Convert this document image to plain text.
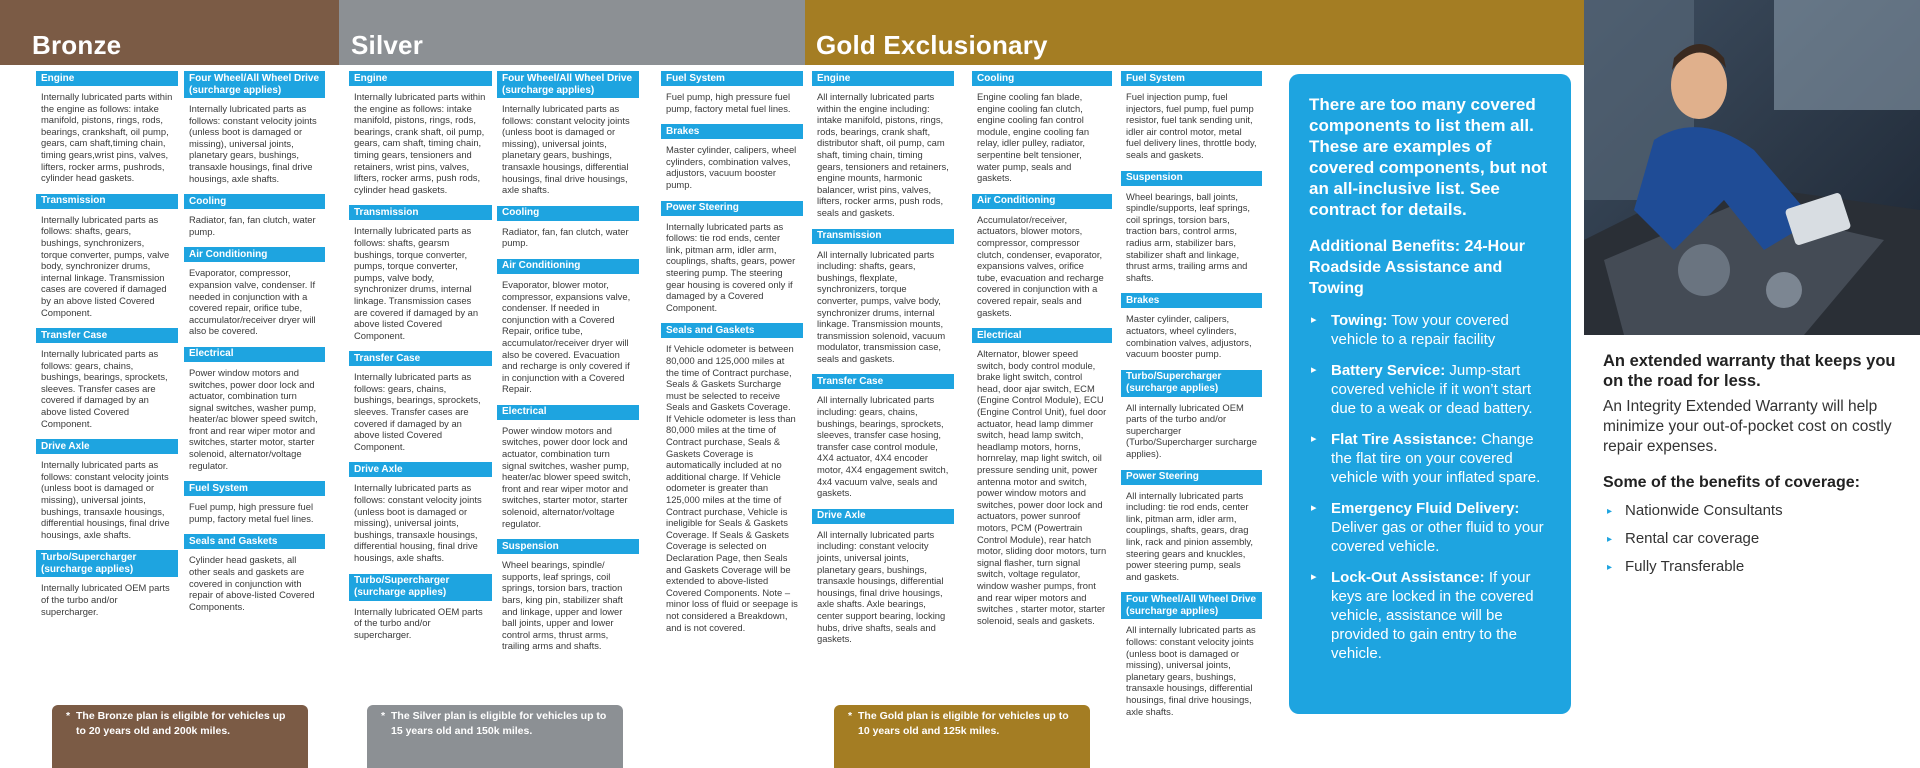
Bronze	Silver	Gold Exclusionary
Engine
Internally lubricated parts within the engine as follows: intake manifold, pistons, rings, rods, bearings, crankshaft, oil pump, gears, cam shaft,timing chain, timing gears,wrist pins, valves, lifters, rocker arms, pushrods, cylinder head gaskets.
Transmission
Internally lubricated parts as follows: shafts, gears, bushings, synchronizers, torque converter, pumps, valve body, synchronizer drums, internal linkage. Transmission cases are covered if damaged by an above listed Covered Component.
Transfer Case
Internally lubricated parts as follows: gears, chains, bushings, bearings, sprockets, sleeves. Transfer cases are covered if damaged by an above listed Covered Component.
Drive Axle
Internally lubricated parts as follows: constant velocity joints (unless boot is damaged or missing), universal joints, bushings, transaxle housings, differential housings, final drive housings, axle shafts.
Turbo/Supercharger (surcharge applies)
Internally lubricated OEM parts of the turbo and/or supercharger.
Four Wheel/All Wheel Drive (surcharge applies)
Internally lubricated parts as follows: constant velocity joints (unless boot is damaged or missing), universal joints, planetary gears, bushings, transaxle housings, final drive housings, axle shafts.
Cooling
Radiator, fan, fan clutch, water pump.
Air Conditioning
Evaporator, compressor, expansion valve, condenser. If needed in conjunction with a covered repair, orifice tube, accumulator/receiver dryer will also be covered.
Electrical
Power window motors and switches, power door lock and actuator, combination turn signal switches, washer pump, heater/ac blower speed switch, front and rear wiper motor and switches, starter motor, starter solenoid, alternator/voltage regulator.
Fuel System
Fuel pump, high pressure fuel pump, factory metal fuel lines.
Seals and Gaskets
Cylinder head gaskets, all other seals and gaskets are covered in conjunction with repair of above-listed Covered Components.
Engine
Internally lubricated parts within the engine as follows: intake manifold, pistons, rings, rods, bearings, crank shaft, oil pump, gears, cam shaft, timing chain, timing gears, tensioners and retainers, wrist pins, valves, lifters, rocker arms, push rods, cylinder head gaskets.
Transmission
Internally lubricated parts as follows: shafts, gearsm bushings, torque converter, pumps, torque converter, pumps, valve body, synchronizer drums, internal linkage. Transmission cases are covered if damaged by an above listed Covered Component.
Transfer Case
Internally lubricated parts as follows: gears, chains, bushings, bearings, sprockets, sleeves. Transfer cases are covered if damaged by an above listed Covered Component.
Drive Axle
Internally lubricated parts as follows: constant velocity joints (unless boot is damaged or missing), universal joints, bushings, transaxle housings, differential housing, final drive housings, axle shafts.
Turbo/Supercharger (surcharge applies)
Internally lubricated OEM parts of the turbo and/or supercharger.
Four Wheel/All Wheel Drive (surcharge applies)
Internally lubricated parts as follows: constant velocity joints (unless boot is damaged or missing), universal joints, planetary gears, bushings, transaxle housings, differential housings, final drive housings, axle shafts.
Cooling
Radiator, fan, fan clutch, water pump.
Air Conditioning
Evaporator, blower motor, compressor, expansions valve, condenser. If needed in conjunction with a Covered Repair, orifice tube, accumulator/receiver dryer will also be covered. Evacuation and recharge is only covered if in conjunction with a Covered Repair.
Electrical
Power window motors and switches, power door lock and actuator, combination turn signal switches, washer pump, heater/ac blower speed switch, front and rear wiper motor and switches, starter motor, starter solenoid, alternator/voltage regulator.
Suspension
Wheel bearings, spindle/ supports, leaf springs, coil springs, torsion bars, traction bars, king pin, stabilizer shaft and linkage, upper and lower ball joints, upper and lower control arms, thrust arms, trailing arms and shafts.
Fuel System
Fuel pump, high pressure fuel pump, factory metal fuel lines.
Brakes
Master cylinder, calipers, wheel cylinders, combination valves, adjustors, vacuum booster pump.
Power Steering
Internally lubricated parts as follows: tie rod ends, center link, pitman arm, idler arm, couplings, shafts, gears, power steering pump. The steering gear housing is covered only if damaged by a Covered Component.
Seals and Gaskets
If Vehicle odometer is between 80,000 and 125,000 miles at the time of Contract purchase, Seals & Gaskets Surcharge must be selected to receive Seals and Gaskets Coverage. If Vehicle odometer is less than 80,000 miles at the time of Contract purchase, Seals & Gaskets Coverage is automatically included at no additional charge. If Vehicle odometer is greater than 125,000 miles at the time of Contract purchase, Vehicle is ineligible for Seals & Gaskets Coverage. If Seals & Gaskets Coverage is selected on Declaration Page, then Seals and Gaskets Coverage will be extended to above-listed Covered Components. Note – minor loss of fluid or seepage is not considered a Breakdown, and is not covered.
Engine
All internally lubricated parts within the engine including: intake manifold, pistons, rings, rods, bearings, crank shaft, distributor shaft, oil pump, cam shaft, timing chain, timing gears, tensioners and retainers, engine mounts, harmonic balancer, wrist pins, valves, lifters, rocker arms, push rods, seals and gaskets.
Transmission
All internally lubricated parts including: shafts, gears, bushings, flexplate, synchronizers, torque converter, pumps, valve body, synchronizer drums, internal linkage. Transmission mounts, transmission solenoid, vacuum modulator, transmission case, seals and gaskets.
Transfer Case
All internally lubricated parts including: gears, chains, bushings, bearings, sprockets, sleeves, transfer case hosing, transfer case control module, 4X4 actuator, 4X4 encoder motor, 4X4 engagement switch, 4x4 vacuum valve, seals and gaskets.
Drive Axle
All internally lubricated parts including: constant velocity joints, universal joints, planetary gears, bushings, transaxle housings, differential housings, final drive housings, axle shafts. Axle bearings, center support bearing, locking hubs, drive shafts, seals and gaskets.
Cooling
Engine cooling fan blade, engine cooling fan clutch, engine cooling fan control module, engine cooling fan relay, idler pulley, radiator, serpentine belt tensioner, water pump, seals and gaskets.
Air Conditioning
Accumulator/receiver, actuators, blower motors, compressor, compressor clutch, condenser, evaporator, expansions valves, orifice tube, evacuation and recharge covered in conjunction with a covered repair, seals and gaskets.
Electrical
Alternator, blower speed switch, body control module, brake light switch, control head, door ajar switch, ECM (Engine Control Module), ECU (Engine Control Unit), fuel door actuator, head lamp dimmer switch, head lamp switch, headlamp motors, horns, hornrelay, map light switch, oil pressure sending unit, power antenna motor and switch, power window motors and switches, power door lock and actuators, power sunroof motors, PCM (Powertrain Control Module), rear hatch motor, sliding door motors, turn signal flasher, turn signal switch, voltage regulator, window washer pumps, front and rear wiper motors and switches , starter motor, starter solenoid, seals and gaskets.
Fuel System
Fuel injection pump, fuel injectors, fuel pump, fuel pump resistor, fuel tank sending unit, idler air control motor, metal fuel delivery lines, throttle body, seals and gaskets.
Suspension
Wheel bearings, ball joints, spindle/supports, leaf springs, coil springs, torsion bars, traction bars, control arms, radius arm, stabilizer bars, stabilizer shaft and linkage, thrust arms, trailing arms and shafts.
Brakes
Master cylinder, calipers, actuators, wheel cylinders, combination valves, adjustors, vacuum booster pump.
Turbo/Supercharger (surcharge applies)
All internally lubricated OEM parts of the turbo and/or supercharger (Turbo/Supercharger surcharge applies).
Power Steering
All internally lubricated parts including: tie rod ends, center link, pitman arm, idler arm, couplings, shafts, gears, drag link, rack and pinion assembly, steering gears and knuckles, power steering pump, seals and gaskets.
Four Wheel/All Wheel Drive (surcharge applies)
All internally lubricated parts as follows: constant velocity joints (unless boot is damaged or missing), universal joints, planetary gears, bushings, transaxle housings, differential housings, final drive housings, axle shafts.
* The Bronze plan is eligible for vehicles up to 20 years old and 200k miles.
* The Silver plan is eligible for vehicles up to 15 years old and 150k miles.
* The Gold plan is eligible for vehicles up to 10 years old and 125k miles.
There are too many covered components to list them all. These are examples of covered components, but not an all-inclusive list. See contract for details.
Additional Benefits: 24-Hour Roadside Assistance and Towing
▸ Towing: Tow your covered vehicle to a repair facility
▸ Battery Service: Jump-start covered vehicle if it won’t start due to a weak or dead battery.
▸ Flat Tire Assistance: Change the flat tire on your covered vehicle with your inflated spare.
▸ Emergency Fluid Delivery: Deliver gas or other fluid to your covered vehicle.
▸ Lock-Out Assistance: If your keys are locked in the covered vehicle, assistance will be provided to gain entry to the vehicle.
An extended warranty that keeps you on the road for less.
An Integrity Extended Warranty will help minimize your out-of-pocket cost on costly repair expenses.
Some of the benefits of coverage:
▸ Nationwide Consultants
▸ Rental car coverage
▸ Fully Transferable
